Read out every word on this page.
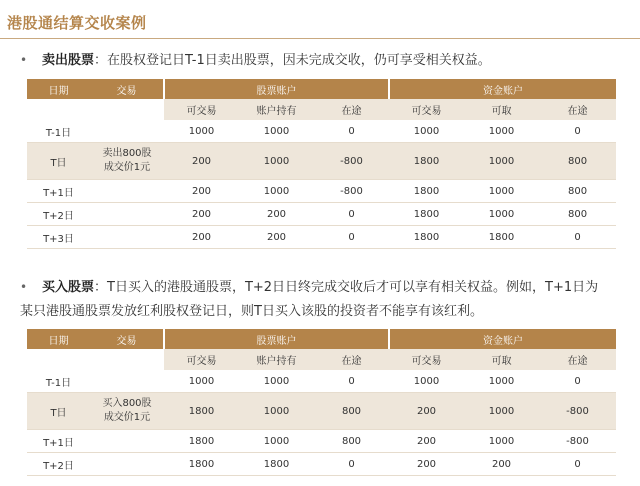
港股通结算交收案例
• 卖出股票：在股权登记日T-1日卖出股票，因未完成交收，仍可享受相关权益。
日期	交易	股票账户			资金账户		
		可交易	账户持有	在途	可交易	可取	在途
T-1日		1000	1000	0	1000	1000	0
T日	卖出800股
成交价1元	200	1000	-800	1800	1000	800
T+1日		200	1000	-800	1800	1000	800
T+2日		200	200	0	1800	1000	800
T+3日		200	200	0	1800	1800	0
• 买入股票：T日买入的港股通股票，T+2日日终完成交收后才可以享有相关权益。例如，T+1日为
某只港股通股票发放红利股权登记日，则T日买入该股的投资者不能享有该红利。
日期	交易	股票账户			资金账户		
		可交易	账户持有	在途	可交易	可取	在途
T-1日		1000	1000	0	1000	1000	0
T日	买入800股
成交价1元	1800	1000	800	200	1000	-800
T+1日		1800	1000	800	200	1000	-800
T+2日		1800	1800	0	200	200	0
